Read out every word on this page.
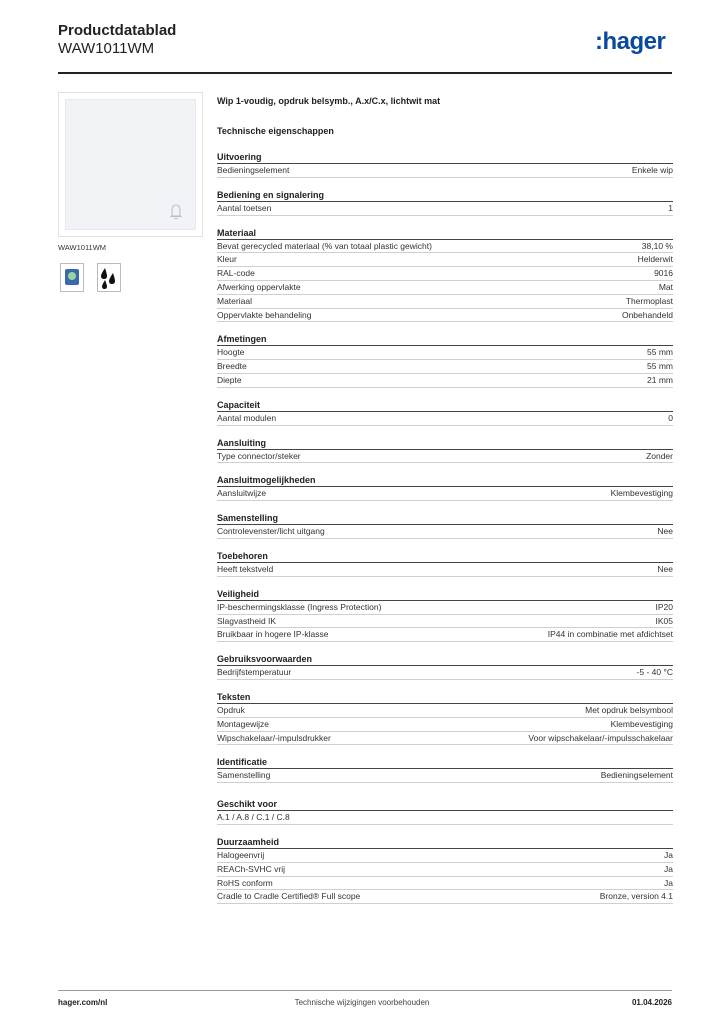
Productdatablad
WAW1011WM	:hager
WAW1011WM
Wip 1-voudig, opdruk belsymb., A.x/C.x, lichtwit mat
Technische eigenschappen
Uitvoering
Bedieningselement	Enkele wip
Bediening en signalering
Aantal toetsen	1
Materiaal
Bevat gerecycled materiaal (% van totaal plastic gewicht)	38,10 %
Kleur	Helderwit
RAL-code	9016
Afwerking oppervlakte	Mat
Materiaal	Thermoplast
Oppervlakte behandeling	Onbehandeld
Afmetingen
Hoogte	55 mm
Breedte	55 mm
Diepte	21 mm
Capaciteit
Aantal modulen	0
Aansluiting
Type connector/steker	Zonder
Aansluitmogelijkheden
Aansluitwijze	Klembevestiging
Samenstelling
Controlevenster/licht uitgang	Nee
Toebehoren
Heeft tekstveld	Nee
Veiligheid
IP-beschermingsklasse (Ingress Protection)	IP20
Slagvastheid IK	IK05
Bruikbaar in hogere IP-klasse	IP44 in combinatie met afdichtset
Gebruiksvoorwaarden
Bedrijfstemperatuur	-5 - 40 °C
Teksten
Opdruk	Met opdruk belsymbool
Montagewijze	Klembevestiging
Wipschakelaar/-impulsdrukker	Voor wipschakelaar/-impulsschakelaar
Identificatie
Samenstelling	Bedieningselement
Geschikt voor
A.1 / A.8 / C.1 / C.8
Duurzaamheid
Halogeenvrij	Ja
REACh-SVHC vrij	Ja
RoHS conform	Ja
Cradle to Cradle Certified® Full scope	Bronze, version 4.1
hager.com/nl	Technische wijzigingen voorbehouden	01.04.2026
